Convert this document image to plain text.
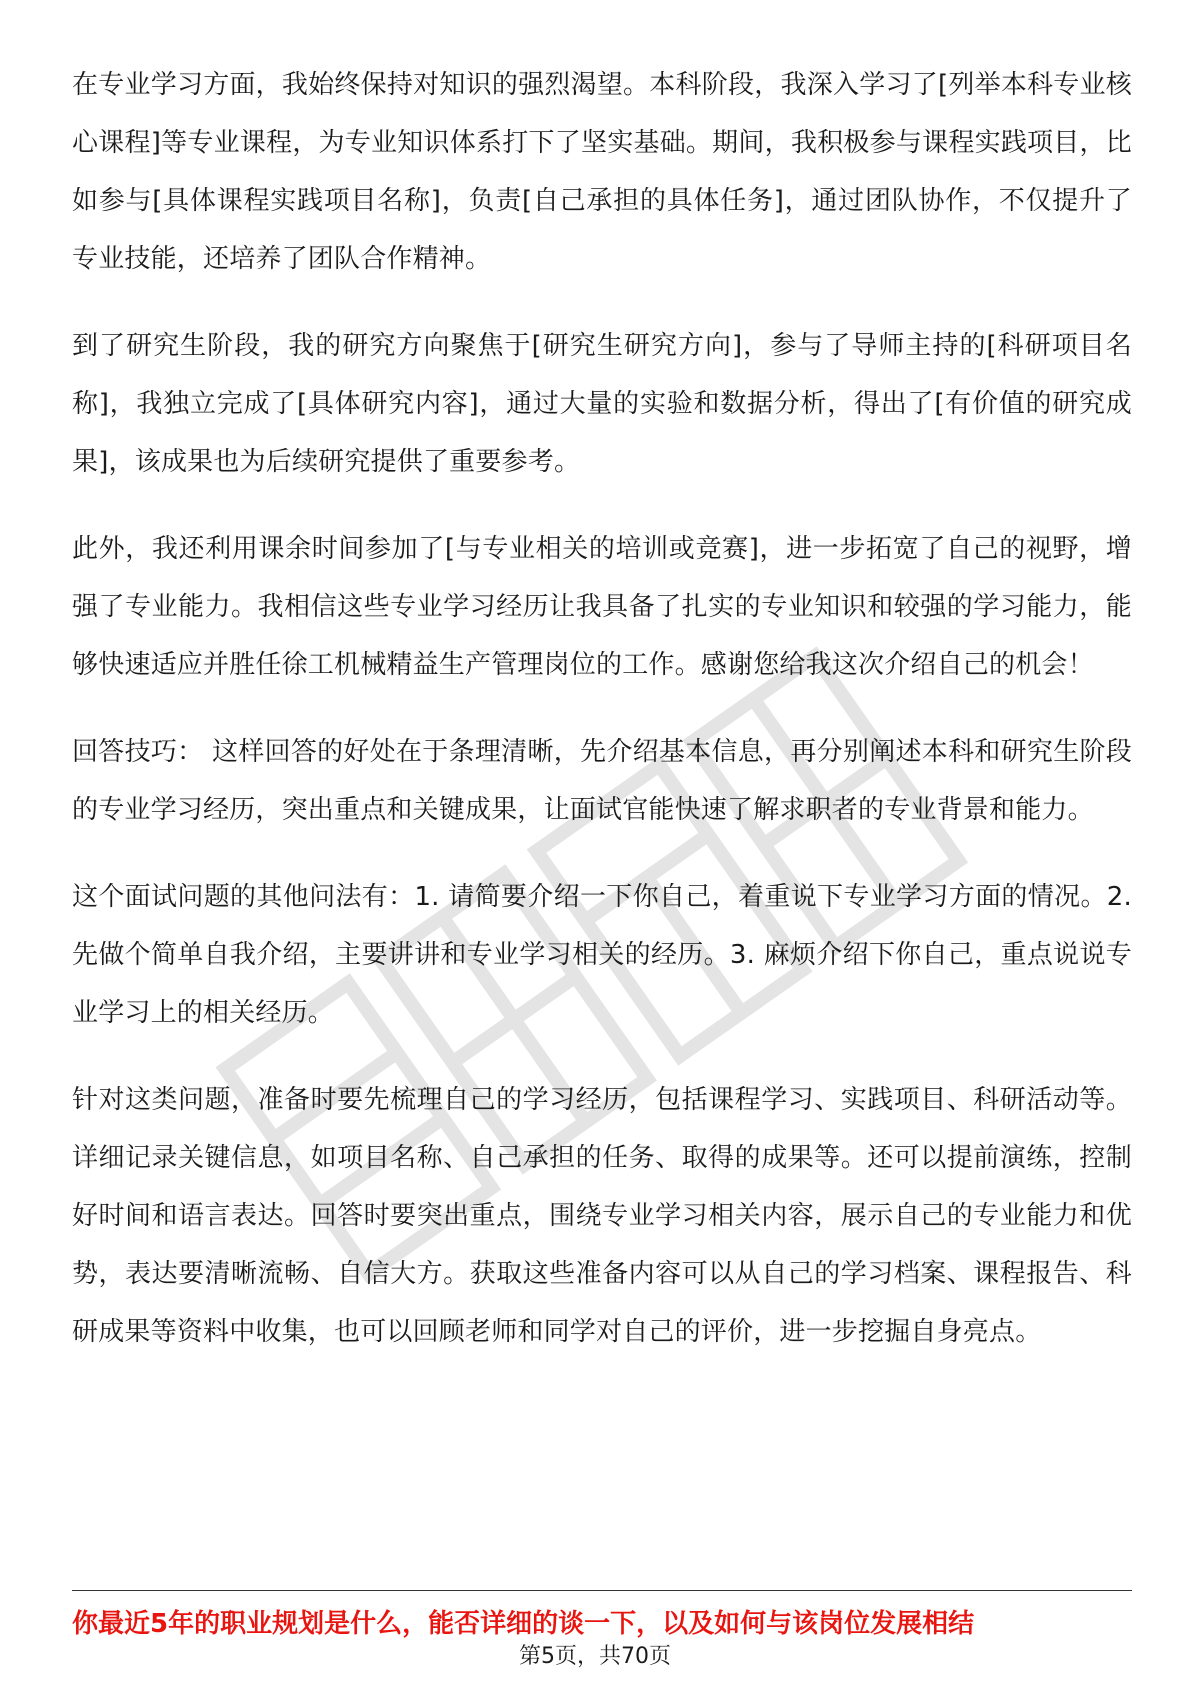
在专业学习方面，我始终保持对知识的强烈渴望。本科阶段，我深入学习了[列举本科专业核心课程]等专业课程，为专业知识体系打下了坚实基础。期间，我积极参与课程实践项目，比如参与[具体课程实践项目名称]，负责[自己承担的具体任务]，通过团队协作，不仅提升了专业技能，还培养了团队合作精神。

到了研究生阶段，我的研究方向聚焦于[研究生研究方向]，参与了导师主持的[科研项目名称]，我独立完成了[具体研究内容]，通过大量的实验和数据分析，得出了[有价值的研究成果]，该成果也为后续研究提供了重要参考。

此外，我还利用课余时间参加了[与专业相关的培训或竞赛]，进一步拓宽了自己的视野，增强了专业能力。我相信这些专业学习经历让我具备了扎实的专业知识和较强的学习能力，能够快速适应并胜任徐工机械精益生产管理岗位的工作。感谢您给我这次介绍自己的机会！

回答技巧： 这样回答的好处在于条理清晰，先介绍基本信息，再分别阐述本科和研究生阶段的专业学习经历，突出重点和关键成果，让面试官能快速了解求职者的专业背景和能力。

这个面试问题的其他问法有：1. 请简要介绍一下你自己，着重说下专业学习方面的情况。2. 先做个简单自我介绍，主要讲讲和专业学习相关的经历。3. 麻烦介绍下你自己，重点说说专业学习上的相关经历。

针对这类问题，准备时要先梳理自己的学习经历，包括课程学习、实践项目、科研活动等。详细记录关键信息，如项目名称、自己承担的任务、取得的成果等。还可以提前演练，控制好时间和语言表达。回答时要突出重点，围绕专业学习相关内容，展示自己的专业能力和优势，表达要清晰流畅、自信大方。获取这些准备内容可以从自己的学习档案、课程报告、科研成果等资料中收集，也可以回顾老师和同学对自己的评价，进一步挖掘自身亮点。

你最近5年的职业规划是什么，能否详细的谈一下，以及如何与该岗位发展相结
第5页，共70页
